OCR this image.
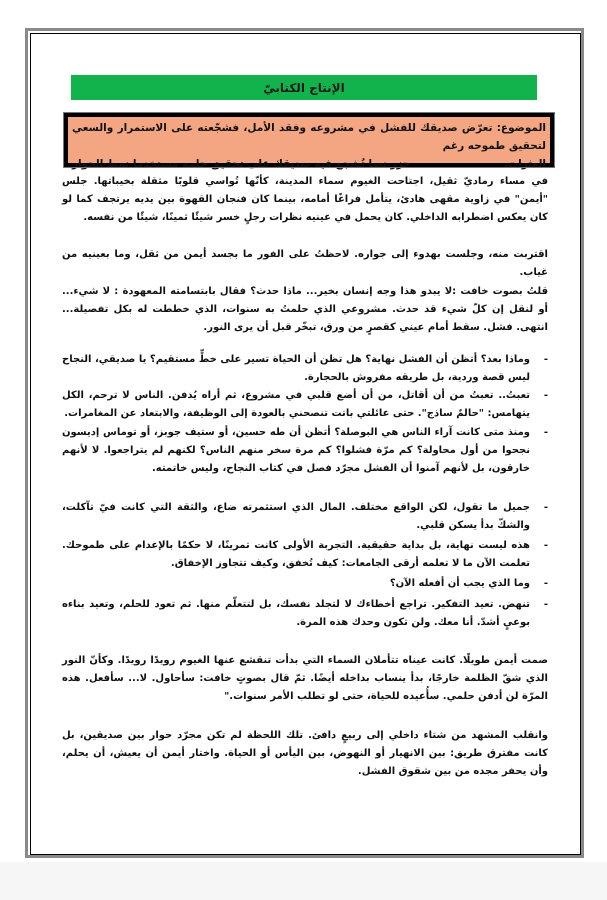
الإنتاج الكتابيّ
الموضوع: تعرّض صديقك للفشل في مشروعه وفقد الأمل، فشجّعته على الاستمرار والسعي لتحقيق طموحه رغم
العثرات.
حزر نصا تُشجع فيه صديقك على تحقيق حلمه مستخدما نمط الحوار
في مساء رماديّ ثقيل، اجتاحت الغيوم سماء المدينة، كأنّها تُواسي قلوبًا مثقلة بخيباتها. جلس "أيمن" في زاوية مقهى هادئ، يتأمل فراغًا أمامه، بينما كان فنجان القهوة بين يديه يرتجف كما لو كان يعكس اضطرابه الداخلي. كان يحمل في عينيه نظرات رجلٍ خسر شيئًا ثمينًا، شيئًا من نفسه.
اقتربت منه، وجلست بهدوء إلى جواره. لاحظتُ على الفور ما بجسد أيمن من ثقل، وما بعينيه من غياب.
قلتُ بصوت خافت :لا يبدو هذا وجه إنسان بخير... ماذا حدث؟ فقال بابتسامته المعهودة : لا شيء... أو لنقل إن كلّ شيء قد حدث. مشروعي الذي حلمتُ به سنوات، الذي خططت له بكل تفصيلة... انتهى. فشل. سقط أمام عيني كقصرٍ من ورق، تبخّر قبل أن يرى النور.
-
وماذا بعد؟ أتظن أن الفشل نهاية؟ هل تظن أن الحياة تسير على خطٍّ مستقيم؟ يا صديقي، النجاح ليس قصة وردية، بل طريقه مفروش بالحجارة.
-
تعبتُ.. تعبتُ من أن أقاتل، من أن أضع قلبي في مشروع، ثم أراه يُدفن. الناس لا ترحم، الكل يتهامس: "حالمٌ ساذج". حتى عائلتي باتت تنصحني بالعودة إلى الوظيفة، والابتعاد عن المغامرات.
-
ومنذ متى كانت آراء الناس هي البوصلة؟ أتظن أن طه حسين، أو ستيف جوبز، أو توماس إديسون نجحوا من أول محاولة؟ كم مرّة فشلوا؟ كم مرة سخر منهم الناس؟ لكنهم لم يتراجعوا. لا لأنهم خارقون، بل لأنهم آمنوا أن الفشل مجرّد فصل في كتاب النجاح، وليس خاتمته.
-
جميل ما تقول، لكن الواقع مختلف. المال الذي استثمرته ضاع، والثقة التي كانت فيّ تآكلت، والشكّ بدأ يسكن قلبي.
-
هذه ليست نهاية، بل بداية حقيقية. التجربة الأولى كانت تمرينًا، لا حكمًا بالإعدام على طموحك. تعلمت الآن ما لا تعلمه أرقى الجامعات: كيف تُخفق، وكيف تتجاوز الإخفاق.
-
وما الذي يجب أن أفعله الآن؟
-
تنهض. تعيد التفكير. تراجع أخطاءك لا لتجلد نفسك، بل لتتعلّم منها. ثم تعود للحلم، وتعيد بناءه بوعيٍ أشدّ. أنا معك. ولن تكون وحدك هذه المرة.
صمت أيمن طويلًا. كانت عيناه تتأملان السماء التي بدأت تنقشع عنها الغيوم رويدًا رويدًا. وكأنّ النور الذي شقّ الظلمة خارجًا، بدأ ينساب بداخله أيضًا. ثمّ قال بصوتٍ خافت: سأحاول. لا... سأفعل. هذه المرّة لن أدفن حلمي. سأُعيده للحياة، حتى لو تطلب الأمر سنوات."
وانقلب المشهد من شتاء داخلي إلى ربيعٍ دافئ. تلك اللحظة لم تكن مجرّد حوار بين صديقين، بل كانت مفترق طريق: بين الانهيار أو النهوض، بين اليأس أو الحياة. واختار أيمن أن يعيش، أن يحلم، وأن يحفر مجده من بين شقوق الفشل.
